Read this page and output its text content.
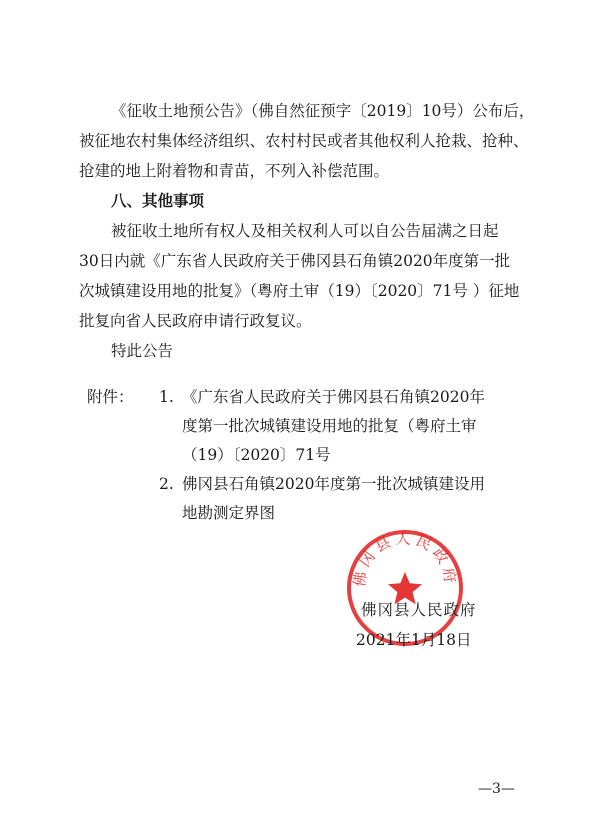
《征收土地预公告》（佛自然征预字〔2019〕10号）公布后，
被征地农村集体经济组织、农村村民或者其他权利人抢栽、抢种、
抢建的地上附着物和青苗，不列入补偿范围。
八、其他事项
被征收土地所有权人及相关权利人可以自公告届满之日起
30日内就《广东省人民政府关于佛冈县石角镇2020年度第一批
次城镇建设用地的批复》（粤府土审（19）〔2020〕71号 ）征地
批复向省人民政府申请行政复议。
特此公告
附件： 1. 《广东省人民政府关于佛冈县石角镇2020年
度第一批次城镇建设用地的批复（粤府土审
（19）〔2020〕71号
2. 佛冈县石角镇2020年度第一批次城镇建设用
地勘测定界图
佛冈县人民政府
佛冈县人民政府
2021年1月18日
—3—
